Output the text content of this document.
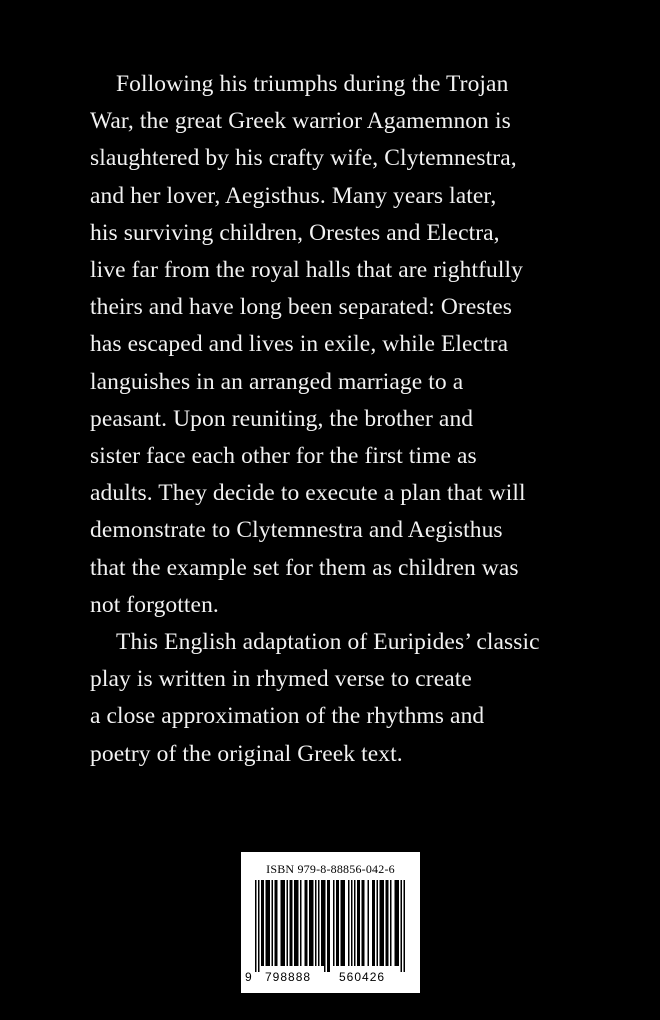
Following his triumphs during the Trojan
War, the great Greek warrior Agamemnon is
slaughtered by his crafty wife, Clytemnestra,
and her lover, Aegisthus. Many years later,
his surviving children, Orestes and Electra,
live far from the royal halls that are rightfully
theirs and have long been separated: Orestes
has escaped and lives in exile, while Electra
languishes in an arranged marriage to a
peasant. Upon reuniting, the brother and
sister face each other for the first time as
adults. They decide to execute a plan that will
demonstrate to Clytemnestra and Aegisthus
that the example set for them as children was
not forgotten.

This English adaptation of Euripides’ classic
play is written in rhymed verse to create
a close approximation of the rhythms and
poetry of the original Greek text.

ISBN 979-8-88856-042-6
9 798888 560426
